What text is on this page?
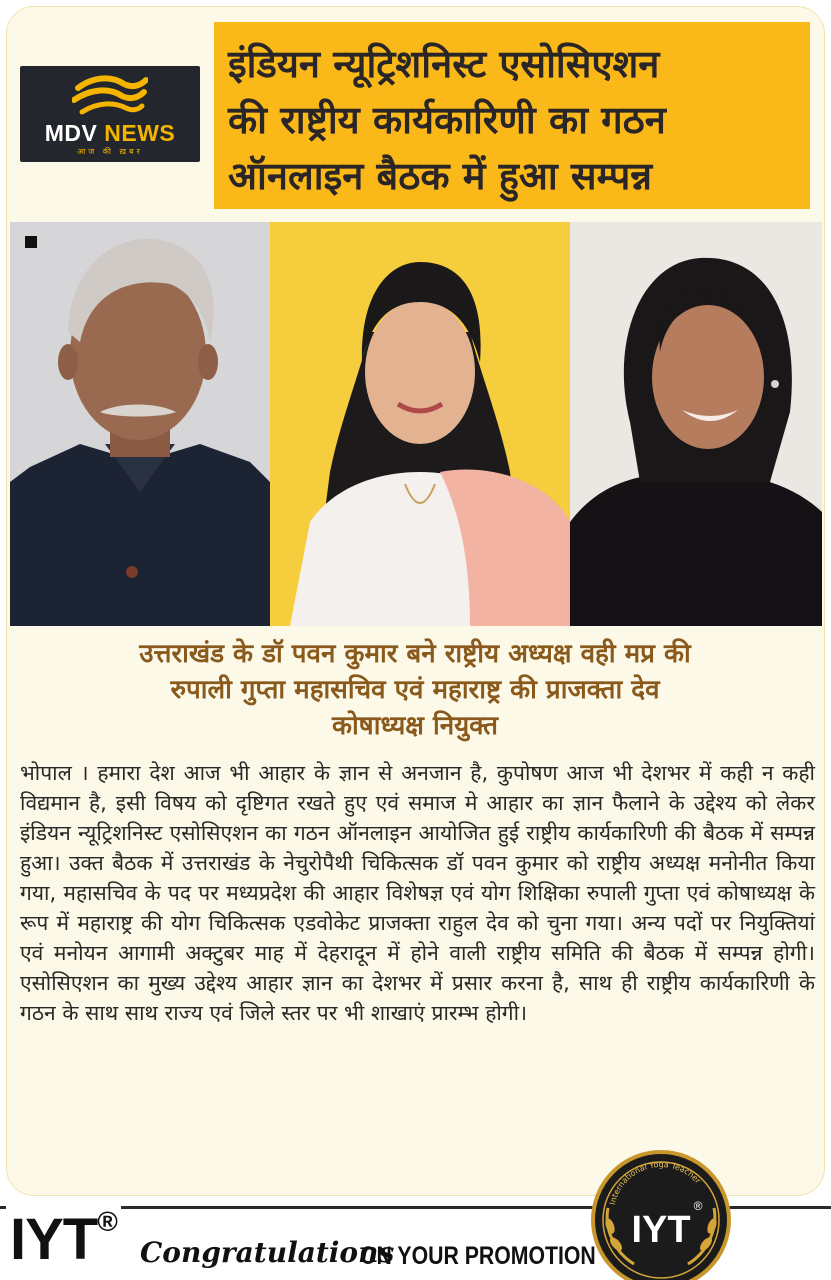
MDV NEWS
आज की ख़बर

इंडियन न्यूट्रिशनिस्ट एसोसिएशन

की राष्ट्रीय कार्यकारिणी का गठन

ऑनलाइन बैठक में हुआ सम्पन्न

उत्तराखंड के डॉ पवन कुमार बने राष्ट्रीय अध्यक्ष वही मप्र की

रुपाली गुप्ता महासचिव एवं महाराष्ट्र की प्राजक्ता देव

कोषाध्यक्ष नियुक्त

भोपाल । हमारा देश आज भी आहार के ज्ञान से अनजान है, कुपोषण आज भी देशभर में कही न कही विद्यमान है, इसी विषय को दृष्टिगत रखते हुए एवं समाज मे आहार का ज्ञान फैलाने के उद्देश्य को लेकर इंडियन न्यूट्रिशनिस्ट एसोसिएशन का गठन ऑनलाइन आयोजित हुई राष्ट्रीय कार्यकारिणी की बैठक में सम्पन्न हुआ। उक्त बैठक में उत्तराखंड के नेचुरोपैथी चिकित्सक डॉ पवन कुमार को राष्ट्रीय अध्यक्ष मनोनीत किया गया, महासचिव के पद पर मध्यप्रदेश की आहार विशेषज्ञ एवं योग शिक्षिका रुपाली गुप्ता एवं कोषाध्यक्ष के रूप में महाराष्ट्र की योग चिकित्सक एडवोकेट प्राजक्ता राहुल देव को चुना गया। अन्य पदों पर नियुक्तियां एवं मनोयन आगामी अक्टुबर माह में देहरादून में होने वाली राष्ट्रीय समिति की बैठक में सम्पन्न होगी। एसोसिएशन का मुख्य उद्देश्य आहार ज्ञान का देशभर में प्रसार करना है, साथ ही राष्ट्रीय कार्यकारिणी के गठन के साथ साथ राज्य एवं जिले स्तर पर भी शाखाएं प्रारम्भ होगी।
IYT®
Congratulations
ON YOUR PROMOTION
International Yoga Teacher
IYT
®
